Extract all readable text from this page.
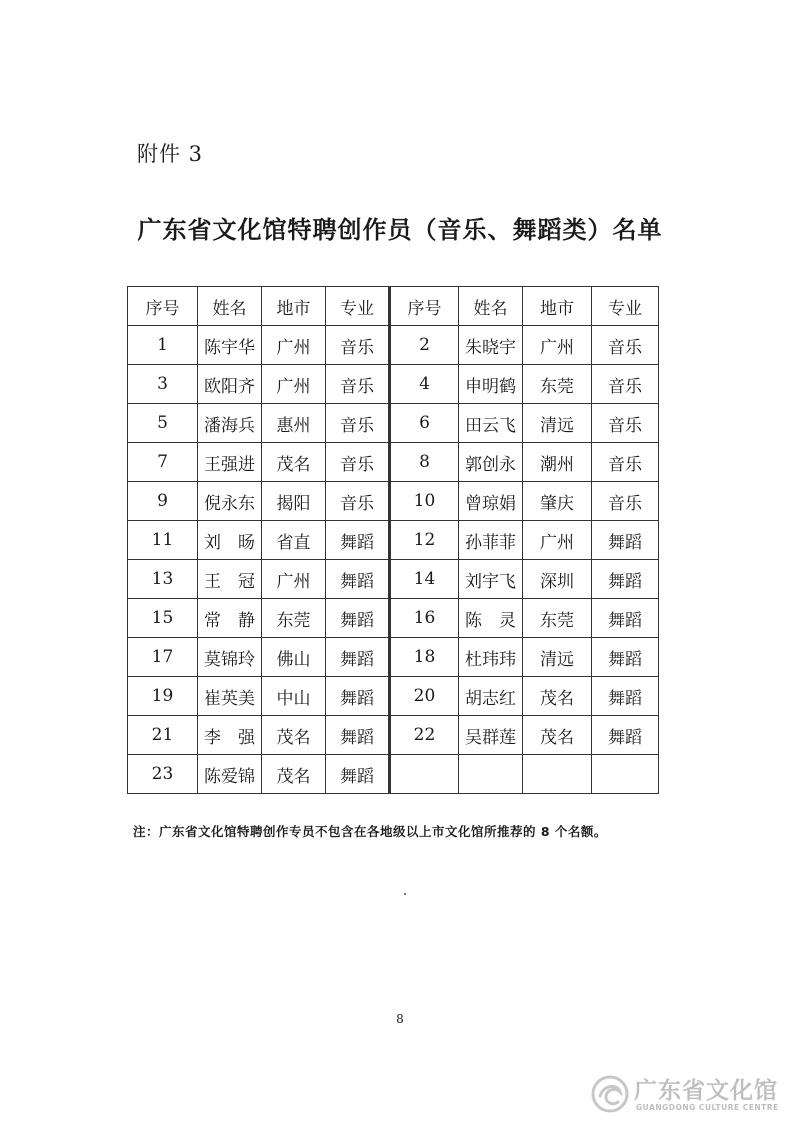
附件 3
广东省文化馆特聘创作员（音乐、舞蹈类）名单
序号	姓名	地市	专业	序号	姓名	地市	专业
1	陈宇华	广州	音乐	2	朱晓宇	广州	音乐
3	欧阳齐	广州	音乐	4	申明鹤	东莞	音乐
5	潘海兵	惠州	音乐	6	田云飞	清远	音乐
7	王强进	茂名	音乐	8	郭创永	潮州	音乐
9	倪永东	揭阳	音乐	10	曾琼娟	肇庆	音乐
11	刘　旸	省直	舞蹈	12	孙菲菲	广州	舞蹈
13	王　冠	广州	舞蹈	14	刘宇飞	深圳	舞蹈
15	常　静	东莞	舞蹈	16	陈　灵	东莞	舞蹈
17	莫锦玲	佛山	舞蹈	18	杜玮玮	清远	舞蹈
19	崔英美	中山	舞蹈	20	胡志红	茂名	舞蹈
21	李　强	茂名	舞蹈	22	吴群莲	茂名	舞蹈
23	陈爱锦	茂名	舞蹈				
注：广东省文化馆特聘创作专员不包含在各地级以上市文化馆所推荐的 8 个名额。
8
广东省文化馆
GUANGDONG CULTURE CENTRE
